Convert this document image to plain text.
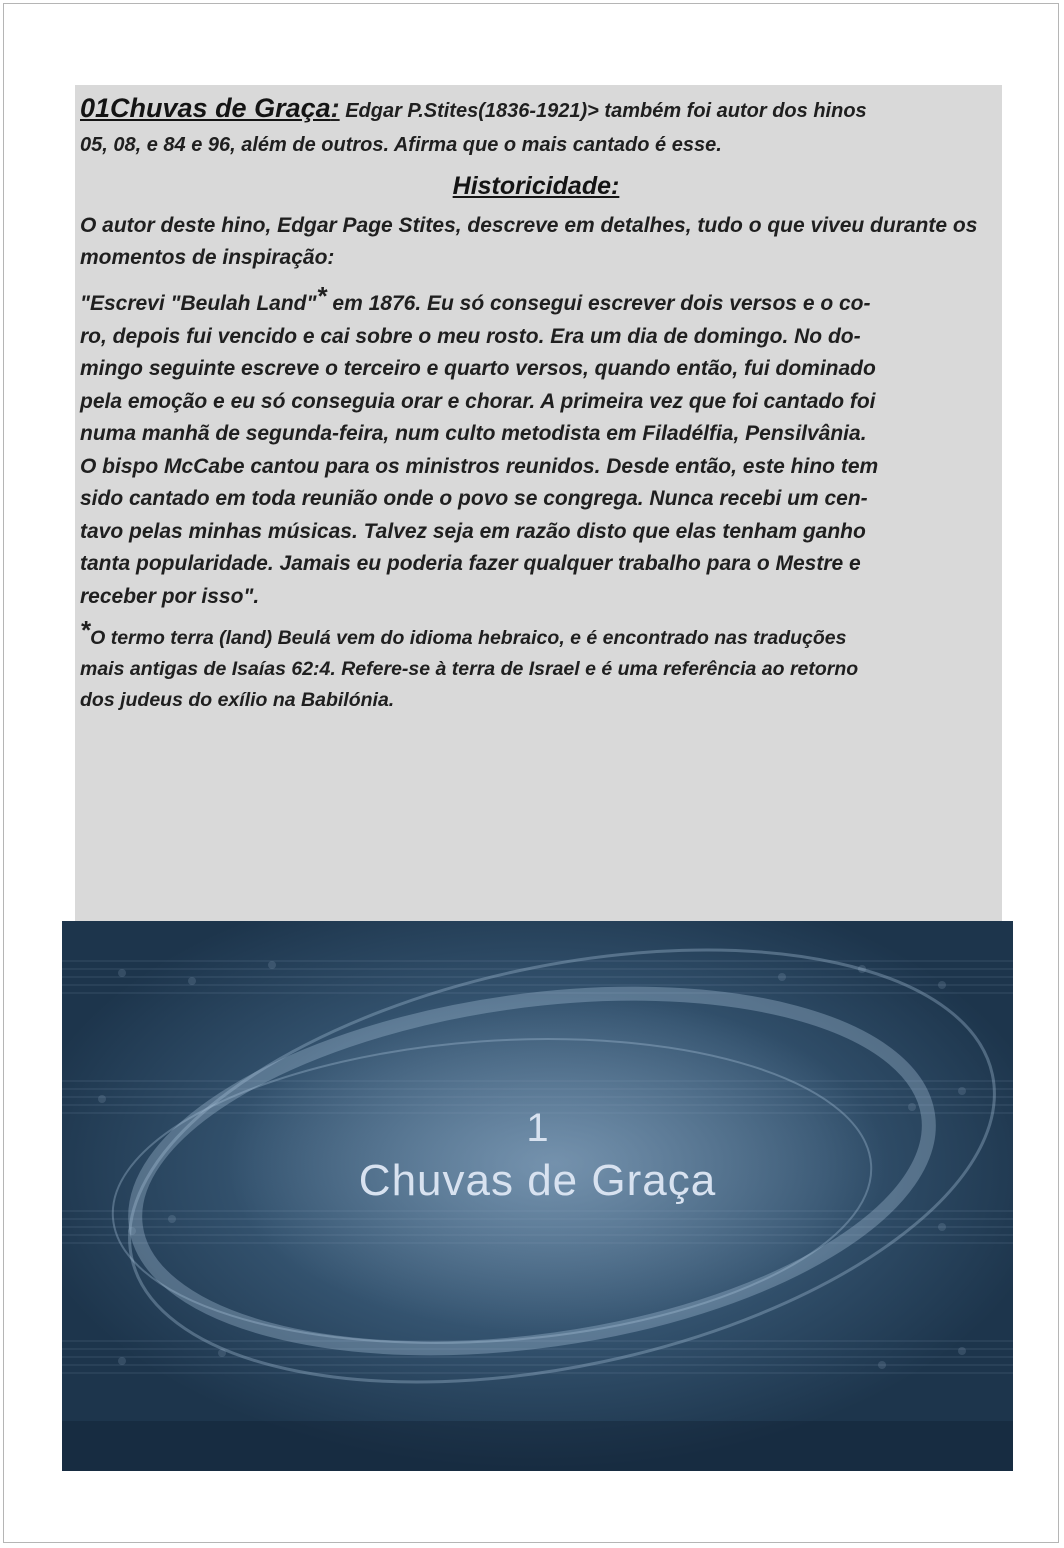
01Chuvas de Graça: Edgar P.Stites(1836-1921)> também foi autor dos hinos
05, 08, e 84 e 96, além de outros. Afirma que o mais cantado é esse.

Historicidade:

O autor deste hino, Edgar Page Stites, descreve em detalhes, tudo o que viveu durante os momentos de inspiração:

"Escrevi "Beulah Land"* em 1876. Eu só consegui escrever dois versos e o co-
ro, depois fui vencido e cai sobre o meu rosto. Era um dia de domingo. No do-
mingo seguinte escreve o terceiro e quarto versos, quando então, fui dominado
pela emoção e eu só conseguia orar e chorar. A primeira vez que foi cantado foi
numa manhã de segunda-feira, num culto metodista em Filadélfia, Pensilvânia.
O bispo McCabe cantou para os ministros reunidos. Desde então, este hino tem
sido cantado em toda reunião onde o povo se congrega. Nunca recebi um cen-
tavo pelas minhas músicas. Talvez seja em razão disto que elas tenham ganho
tanta popularidade. Jamais eu poderia fazer qualquer trabalho para o Mestre e
receber por isso".

*O termo terra (land) Beulá vem do idioma hebraico, e é encontrado nas traduções
mais antigas de Isaías 62:4. Refere-se à terra de Israel e é uma referência ao retorno
dos judeus do exílio na Babilónia.

1
Chuvas de Graça
